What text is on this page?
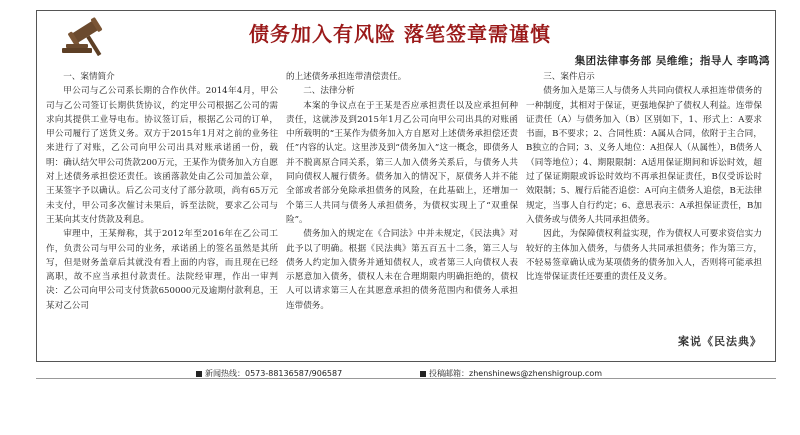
债务加入有风险 落笔签章需谨慎
集团法律事务部 吴维维；指导人 李鸣鸿
一、案情简介

甲公司与乙公司系长期的合作伙伴。2014年4月，甲公司与乙公司签订长期供货协议，约定甲公司根据乙公司的需求向其提供工业导电布。协议签订后，根据乙公司的订单，甲公司履行了送货义务。双方于2015年1月对之前的业务往来进行了对账，乙公司向甲公司出具对账承诺函一份，载明：确认结欠甲公司货款200万元，王某作为债务加入方自愿对上述债务承担偿还责任。该函落款处由乙公司加盖公章，王某签字予以确认。后乙公司支付了部分款项，尚有65万元未支付，甲公司多次催讨未果后，诉至法院，要求乙公司与王某向其支付货款及利息。

审理中，王某辩称，其于2012年至2016年在乙公司工作，负责公司与甲公司的业务，承诺函上的签名虽然是其所写，但是财务盖章后其就没有看上面的内容，而且现在已经离职，故不应当承担付款责任。法院经审理，作出一审判决：乙公司向甲公司支付货款650000元及逾期付款利息，王某对乙公司

的上述债务承担连带清偿责任。

二、法律分析

本案的争议点在于王某是否应承担责任以及应承担何种责任，这就涉及到2015年1月乙公司向甲公司出具的对账函中所载明的“王某作为债务加入方自愿对上述债务承担偿还责任”内容的认定。这里涉及到“债务加入”这一概念，即债务人并不脱离原合同关系，第三人加入债务关系后，与债务人共同向债权人履行债务。债务加入的情况下，原债务人并不能全部或者部分免除承担债务的风险，在此基础上，还增加一个第三人共同与债务人承担债务，为债权实现上了“双重保险”。

债务加入的规定在《合同法》中并未规定，《民法典》对此予以了明确。根据《民法典》第五百五十二条，第三人与债务人约定加入债务并通知债权人，或者第三人向债权人表示愿意加入债务，债权人未在合理期限内明确拒绝的，债权人可以请求第三人在其愿意承担的债务范围内和债务人承担连带债务。

三、案件启示

债务加入是第三人与债务人共同向债权人承担连带债务的一种制度，其相对于保证，更强地保护了债权人利益。连带保证责任（A）与债务加入（B）区别如下，1、形式上：A要求书面，B不要求；2、合同性质：A属从合同，依附于主合同，B独立的合同；3、义务人地位：A担保人（从属性），B债务人（同等地位）；4、期限限制：A适用保证期间和诉讼时效，超过了保证期限或诉讼时效均不再承担保证责任，B仅受诉讼时效限制；5、履行后能否追偿：A可向主债务人追偿，B无法律规定，当事人自行约定；6、意思表示：A承担保证责任，B加入债务或与债务人共同承担债务。

因此，为保障债权利益实现，作为债权人可要求资信实力较好的主体加入债务，与债务人共同承担债务；作为第三方，不轻易签章确认成为某项债务的债务加入人，否则将可能承担比连带保证责任还要重的责任及义务。

案说《民法典》
新闻热线：0573-88136587/906587	投稿邮箱：zhenshinews@zhenshigroup.com
